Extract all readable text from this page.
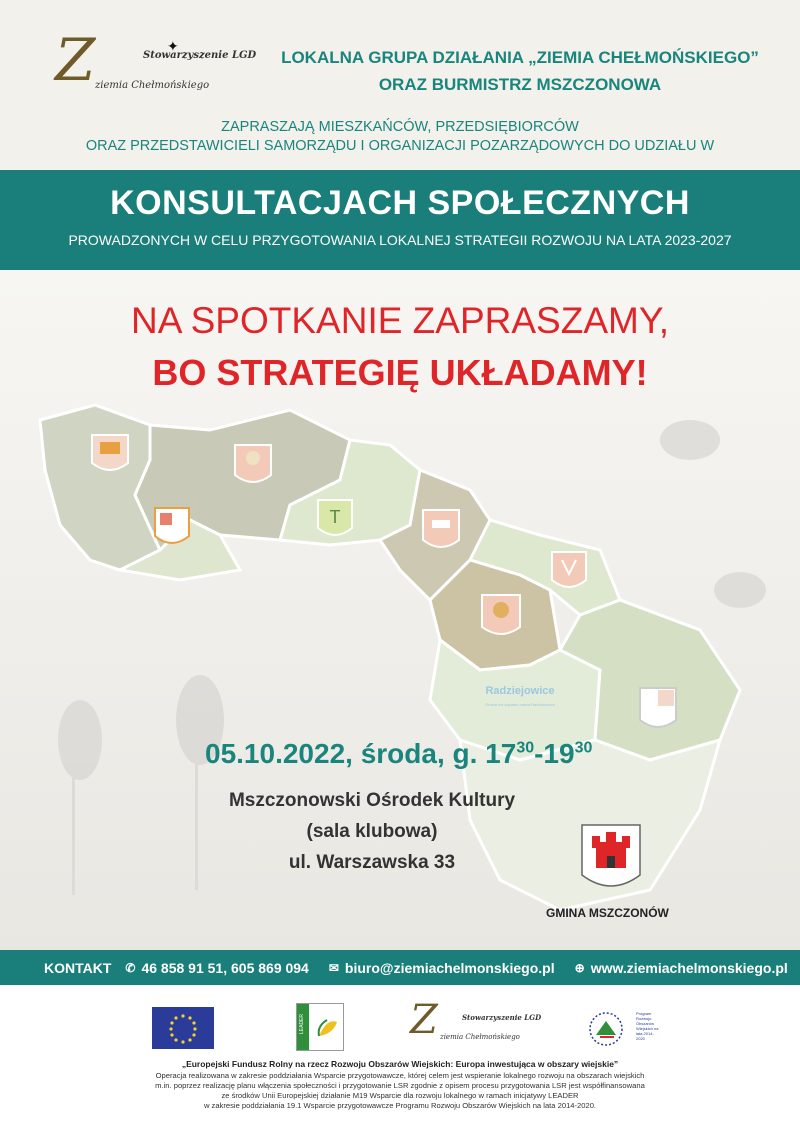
Z	✦
Stowarzyszenie LGD
ziemia Chełmońskiego
LOKALNA GRUPA DZIAŁANIA „ZIEMIA CHEŁMOŃSKIEGO”
ORAZ BURMISTRZ MSZCZONOWA
ZAPRASZAJĄ MIESZKAŃCÓW, PRZEDSIĘBIORCÓW
ORAZ PRZEDSTAWICIELI SAMORZĄDU I ORGANIZACJI POZARZĄDOWYCH DO UDZIAŁU W
KONSULTACJACH SPOŁECZNYCH
PROWADZONYCH W CELU PRZYGOTOWANIA LOKALNEJ STRATEGII ROZWOJU NA LATA 2023-2027
T
Radziejowice
Gmina nie sąsiadu nasza Radziejowice
NA SPOTKANIE ZAPRASZAMY,
BO STRATEGIĘ UKŁADAMY!
05.10.2022, środa, g. $17^{30}-19^{30}$
Mszczonowski Ośrodek Kultury
(sala klubowa)
ul. Warszawska 33
GMINA MSZCZONÓW
KONTAKT ✆ 46 858 91 51, 605 869 094 ✉ biuro@ziemiachelmonskiego.pl ⊕ www.ziemiachelmonskiego.pl
LEADER	Z	Stowarzyszenie LGD
ziemia Chełmońskiego
Program Rozwoju Obszarów Wiejskich na lata 2014-2020
„Europejski Fundusz Rolny na rzecz Rozwoju Obszarów Wiejskich: Europa inwestująca w obszary wiejskie”
Operacja realizowana w zakresie poddziałania Wsparcie przygotowawcze, której celem jest wspieranie lokalnego rozwoju na obszarach wiejskich
m.in. poprzez realizację planu włączenia społeczności i przygotowanie LSR zgodnie z opisem procesu przygotowania LSR jest współfinansowana
ze środków Unii Europejskiej działanie M19 Wsparcie dla rozwoju lokalnego w ramach inicjatywy LEADER
w zakresie poddziałania 19.1 Wsparcie przygotowawcze Programu Rozwoju Obszarów Wiejskich na lata 2014-2020.
